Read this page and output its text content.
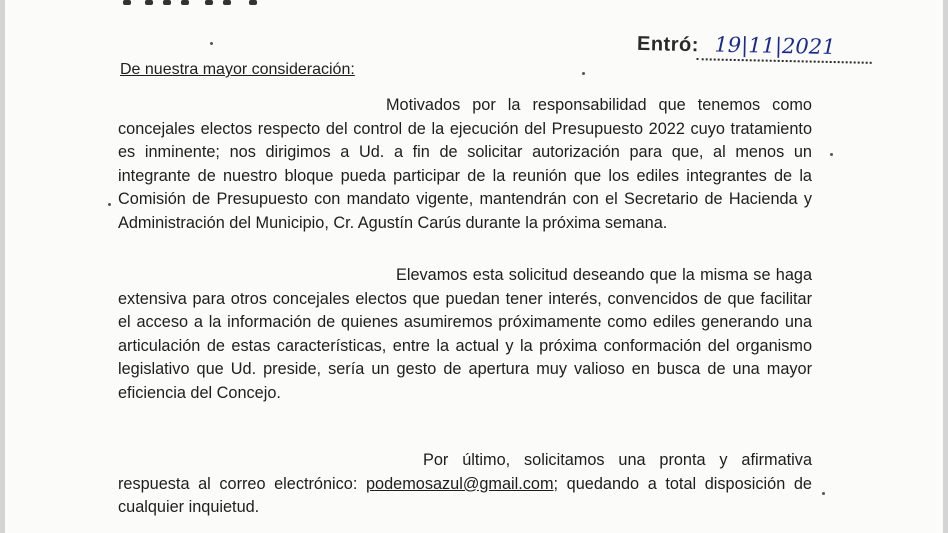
Entró: 19|11|2021
De nuestra mayor consideración:

Motivados por la responsabilidad que tenemos como concejales electos respecto del control de la ejecución del Presupuesto 2022 cuyo tratamiento es inminente; nos dirigimos a Ud. a fin de solicitar autorización para que, al menos un integrante de nuestro bloque pueda participar de la reunión que los ediles integrantes de la Comisión de Presupuesto con mandato vigente, mantendrán con el Secretario de Hacienda y Administración del Municipio, Cr. Agustín Carús durante la próxima semana.

Elevamos esta solicitud deseando que la misma se haga extensiva para otros concejales electos que puedan tener interés, convencidos de que facilitar el acceso a la información de quienes asumiremos próximamente como ediles generando una articulación de estas características, entre la actual y la próxima conformación del organismo legislativo que Ud. preside, sería un gesto de apertura muy valioso en busca de una mayor eficiencia del Concejo.

Por último, solicitamos una pronta y afirmativa respuesta al correo electrónico: podemosazul@gmail.com; quedando a total disposición de cualquier inquietud.
